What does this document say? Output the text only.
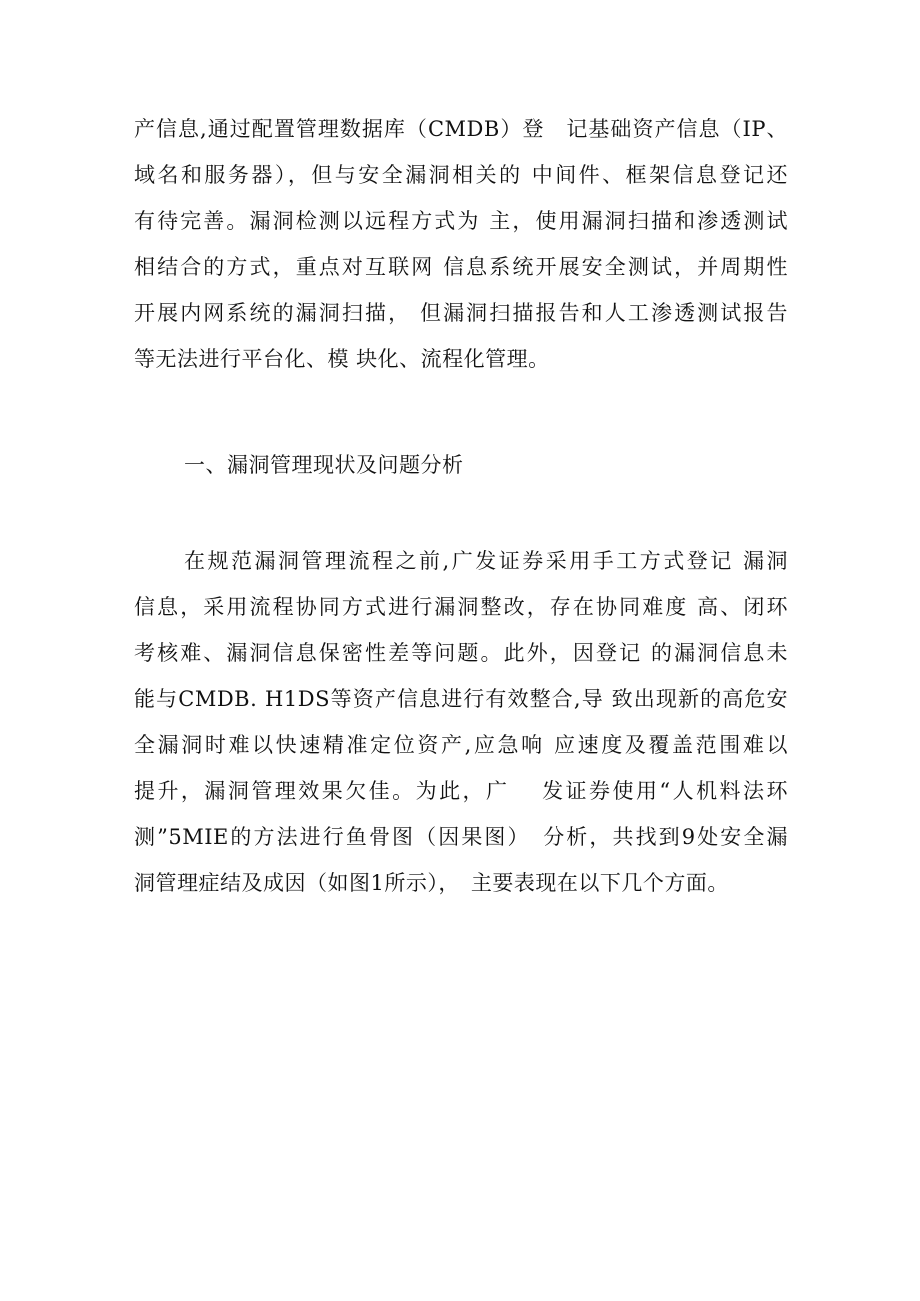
产信息,通过配置管理数据库（CMDB）登　记基础资产信息（IP、
域名和服务器），但与安全漏洞相关的 中间件、框架信息登记还
有待完善。漏洞检测以远程方式为 主，使用漏洞扫描和渗透测试
相结合的方式，重点对互联网 信息系统开展安全测试，并周期性
开展内网系统的漏洞扫描， 但漏洞扫描报告和人工渗透测试报告
等无法进行平台化、模 块化、流程化管理。
一、漏洞管理现状及问题分析
在规范漏洞管理流程之前,广发证券采用手工方式登记 漏洞
信息，采用流程协同方式进行漏洞整改，存在协同难度 高、闭环
考核难、漏洞信息保密性差等问题。此外，因登记 的漏洞信息未
能与CMDB. H1DS等资产信息进行有效整合,导 致出现新的高危安
全漏洞时难以快速精准定位资产,应急响 应速度及覆盖范围难以
提升，漏洞管理效果欠佳。为此，广　 发证券使用“人机料法环
测”5MIE的方法进行鱼骨图（因果图）　分析，共找到9处安全漏
洞管理症结及成因（如图1所示），　主要表现在以下几个方面。
